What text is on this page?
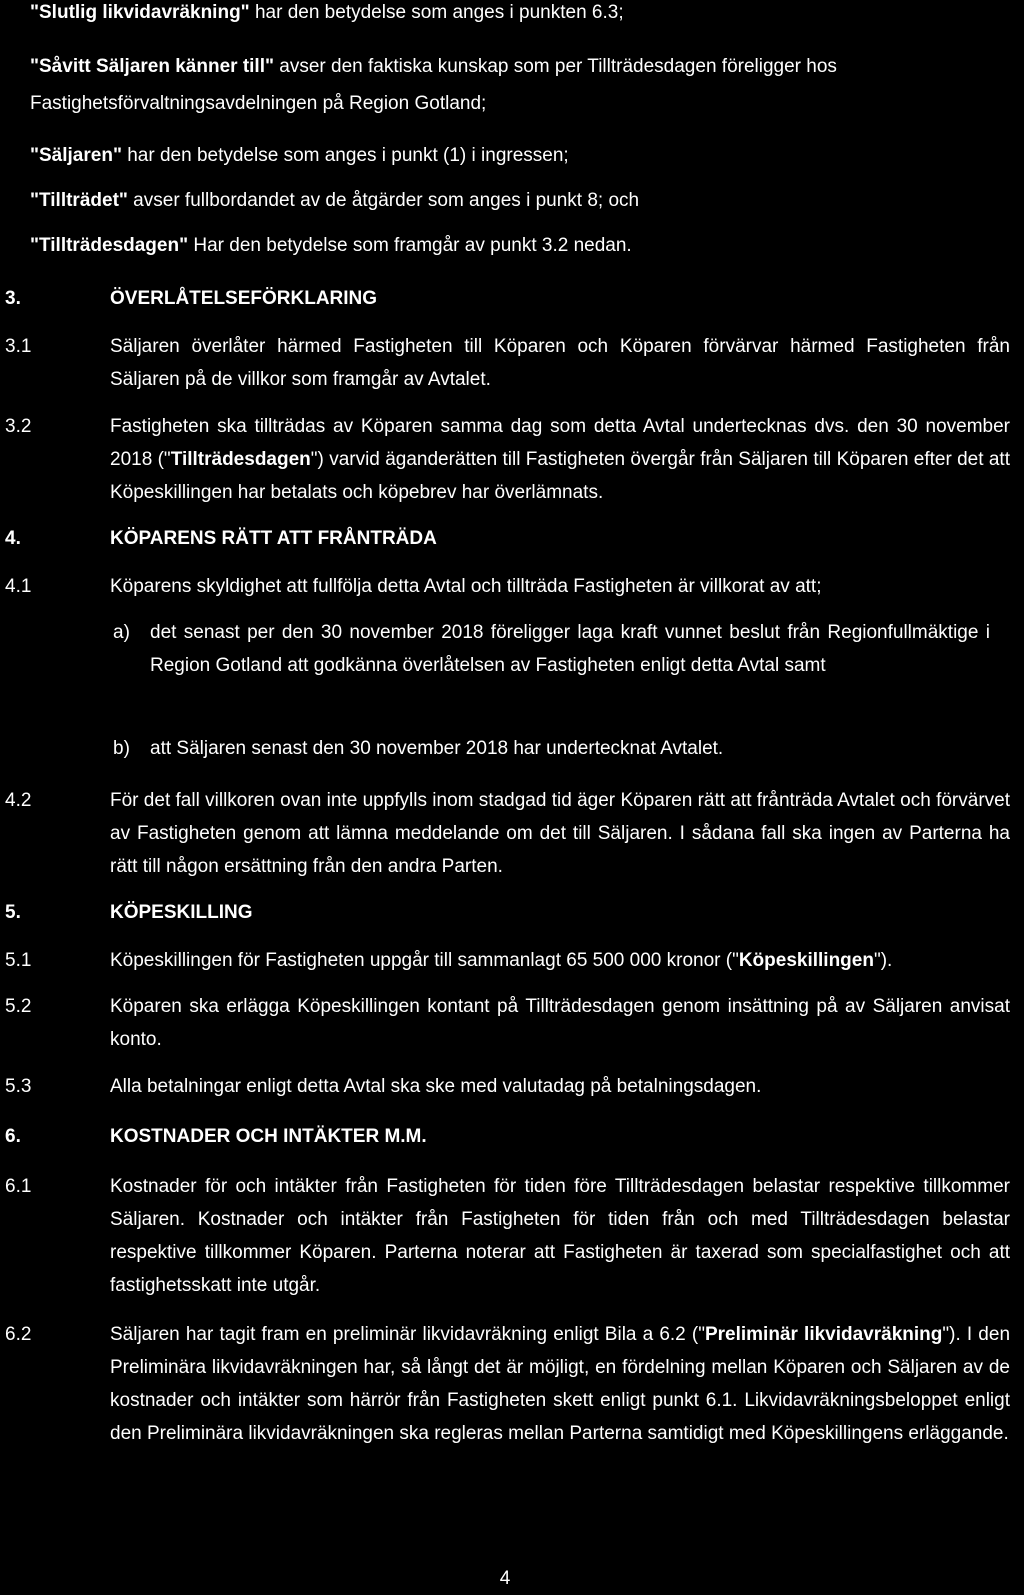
"Slutlig likvidavräkning" har den betydelse som anges i punkten 6.3;
"Såvitt Säljaren känner till" avser den faktiska kunskap som per Tillträdesdagen föreligger hos
Fastighetsförvaltningsavdelningen på Region Gotland;
"Säljaren" har den betydelse som anges i punkt (1) i ingressen;
"Tillträdet" avser fullbordandet av de åtgärder som anges i punkt 8; och
"Tillträdesdagen" Har den betydelse som framgår av punkt 3.2 nedan.
3.	ÖVERLÅTELSEFÖRKLARING
3.1	Säljaren överlåter härmed Fastigheten till Köparen och Köparen förvärvar härmed Fastigheten från Säljaren på de villkor som framgår av Avtalet.
3.2	Fastigheten ska tillträdas av Köparen samma dag som detta Avtal undertecknas dvs. den 30 november 2018 ("Tillträdesdagen") varvid äganderätten till Fastigheten övergår från Säljaren till Köparen efter det att Köpeskillingen har betalats och köpebrev har överlämnats.
4.	KÖPARENS RÄTT ATT FRÅNTRÄDA
4.1	Köparens skyldighet att fullfölja detta Avtal och tillträda Fastigheten är villkorat av att;
a) det senast per den 30 november 2018 föreligger laga kraft vunnet beslut från Regionfullmäktige i Region Gotland att godkänna överlåtelsen av Fastigheten enligt detta Avtal samt
b) att Säljaren senast den 30 november 2018 har undertecknat Avtalet.
4.2	För det fall villkoren ovan inte uppfylls inom stadgad tid äger Köparen rätt att frånträda Avtalet och förvärvet av Fastigheten genom att lämna meddelande om det till Säljaren. I sådana fall ska ingen av Parterna ha rätt till någon ersättning från den andra Parten.
5.	KÖPESKILLING
5.1	Köpeskillingen för Fastigheten uppgår till sammanlagt 65 500 000 kronor ("Köpeskillingen").
5.2	Köparen ska erlägga Köpeskillingen kontant på Tillträdesdagen genom insättning på av Säljaren anvisat konto.
5.3	Alla betalningar enligt detta Avtal ska ske med valutadag på betalningsdagen.
6.	KOSTNADER OCH INTÄKTER M.M.
6.1	Kostnader för och intäkter från Fastigheten för tiden före Tillträdesdagen belastar respektive tillkommer Säljaren. Kostnader och intäkter från Fastigheten för tiden från och med Tillträdesdagen belastar respektive tillkommer Köparen. Parterna noterar att Fastigheten är taxerad som specialfastighet och att fastighetsskatt inte utgår.
6.2	Säljaren har tagit fram en preliminär likvidavräkning enligt Bila a 6.2 ("Preliminär likvidavräkning"). I den Preliminära likvidavräkningen har, så långt det är möjligt, en fördelning mellan Köparen och Säljaren av de kostnader och intäkter som härrör från Fastigheten skett enligt punkt 6.1. Likvidavräkningsbeloppet enligt den Preliminära likvidavräkningen ska regleras mellan Parterna samtidigt med Köpeskillingens erläggande.
4
